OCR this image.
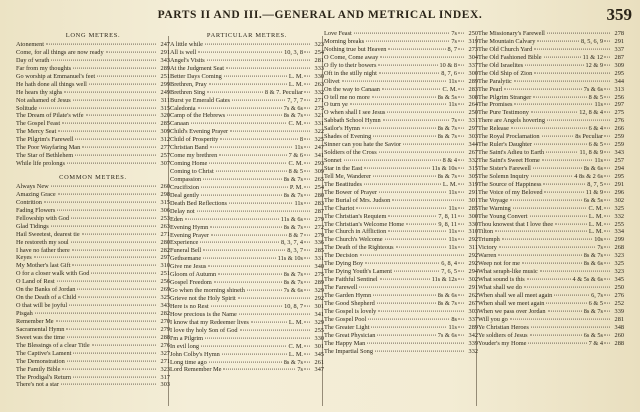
PARTS II AND III.—GENERAL AND METRICAL INDEX.	359
LONG METRES.
Atonement	247
Come, for all things are now ready	291
Day of wrath	343
Far from my thoughts	289
Go worship at Emmanuel's feet	251
He hath done all things well	299
He hears thy sighs	249
Not ashamed of Jesus	311
Solitude	315
The Dream of Pilate's wife	320
The Gospel Feast	285
The Mercy Seat	309
The Pilgrim's Farewell	312
The Poor Wayfaring Man	277
The Star of Bethlehem	257
While life prolongs	307
COMMON METRES.
Always New	260
Amazing Grace	298
Contrition	315
Fading Flowers	306
Fellowship with God	253
Glad Tidings	263
Hail Sweetest, dearest tie	271
He restoreth my soul	280
I have no father there	282
Keyes	297
My Mother's last Gift	310
O for a closer walk with God	251
O Land of Rest	256
On the Banks of Jordan	269
On the Death of a Child	325
O that will be joyful	343
Pisgah	282
Remember Me	270
Sacramental Hymn	279
Sweet was the time	288
The Blessings of a clear Title	276
The Captive's Lament	327
The Demonstration	271
The Family Bible	323
The Prodigal's Return	317
There's not a star	303
PARTICULAR METRES.
A little while	323
All is well	10, 3, 8	254
Angel's Visits	281
At the Judgment Seat	333
Better Days Coming	L. M.	330
Brethren, Pray	L. M.	263
Brethren Sing	8 & 7. Peculiar	332
Burst ye Emerald Gates	7, 7, 7	271
Caledonia	7s & 6s	275
Camp of the Hebrews	8s & 7s	321
Canaan	C. M.	331
Child's Evening Prayer	322
Child of Prosperity	8	325
Christian Band	11s	247
Come my brethren	7 & 6	341
Coming Home	C. M.	293
Coming to Christ	8 & 5	309
Compassion	8s & 7s	265
Crucifixion	P. M.	254
Deal gently	8s & 7s	280
Death Bed Reflections	11s	283
Delay not	287
Eden	11s & 6s	279
Evening Hymn	8s & 7s	272
Evening Prayer	8 & 7	279
Experience	8, 3, 7, 4	336
Funeral Bell	8, 3, 7	285
Gethsemane	11s & 10s	331
Give me Jesus	340
Gloom of Autumn	8s & 7s	275
Gospel Freedom	8s & 7s	289
Go when the morning shineth	7s & 6s	329
Grieve not the Holy Spirit	292
Here is no Rest	10, 8, 7	301
How precious is the Name	341
I know that my Redeemer lives	L. M.	329
I love thy holy Son of God	255
I'm a Pilgrim	330
In evil long	C. M.	301
John Colby's Hymn	L. M.	345
Long time ago	8s & 7s	261
Lord Remember Me	7s	347
Love Feast	7s	250
Morning breaks	7s	319
Nothing true but Heaven	8, 7	273
O Come, Come away	304
O fly to their bowers	10 & 8	337
Oft in the stilly night	8, 7, 6	300
Olivet	11s	289
On the way to Canaan	C. M.	283
O tell me no more	8s & 5s	308
O turn ye	11s	264
O when shall I see Jesus	250
Sabbath School Hymn	7s	331
Sailor's Hymn	8s & 7s	297
Shades of Evening	8s & 7s	303
Sinner can you hate the Savior	344
Soldiers of the Cross	267
Sonnet	8 & 4	332
Star in the East	11s & 10s	315
Tell Me, Wanderer	8s & 7s	305
The Beatitudes	L. M.	319
The Bower of Prayer	11s	291
The Burial of Mrs. Judson	301
The Chariot	11s	285
The Christian's Requiem	7, 8, 11	300
The Christian's Welcome Home	9, 8, 11	330
The Church in Affliction	11s	310
The Church's Welcome	11s	292
The Death of the Righteous	11s	311
The Decision	292
The Dying Boy	6, 8, 4	292
The Dying Youth's Lament	7, 6, 5	294
The Faithful Sentinel	11s & 12s	302
The Farewell	291
The Garden Hymn	8s & 6s	262
The Good Shepherd	8s & 7s	267
The Gospel is lovely	303
The Gospel Pool	8s	337
The Greater Light	11s	289
The Great Physician	7s & 6s	342
The Happy Man	339
The Impartial Song	332
The Missionary's Farewell	278
The Mountain Calvary	8, 5, 6, 9	291
The Old Church Yard	337
The Old Fashioned Bible	11 & 12	287
The Old Israelites	12 & 9	309
The Old Ship of Zion	295
The Paralytic	344
The Pearl	7s & 6s	313
The Pilgrim Stranger	8 & 5	256
The Promises	11s	297
The Pure Testimony	12, 8 & 4	275
There are Angels hovering	276
The Release	6 & 4	266
The Royal Proclamation	8s Peculiar	259
The Ruler's Daughter	6 & 5	259
The Saint's Adieu to Earth	11, 8 & 9	343
The Saint's Sweet Home	11s	257
The Sister's Farewell	8s & 6s	294
The Solemn Inquiry	4 8s & 2 6s	295
The Source of Happiness	8, 7, 5	291
The Voice of my Beloved	11 & 9	296
The Voyage	6s & 5s	302
The Warning	C. M.	325
The Young Convert	L. M.	332
Thou knowest that I love thee	L. M.	255
Tilton	L. M.	334
Triumph	10s	299
Victory	7s	268
Warren	8s & 7s	323
Weep not for me	8s & 6s	325
What seraph-like music	323
What sound is this	4 & 5s & 6s	345
What shall we do	250
When shall we all meet again	6, 7s	276
When shall we meet again	6 & 5	252
When we pass over Jordan	8s & 7s	339
Will you go	281
Ye Christian Heroes	348
Ye soldiers of Jesus	6s & 5s	260
Youder's my Home	7 & 4	288
